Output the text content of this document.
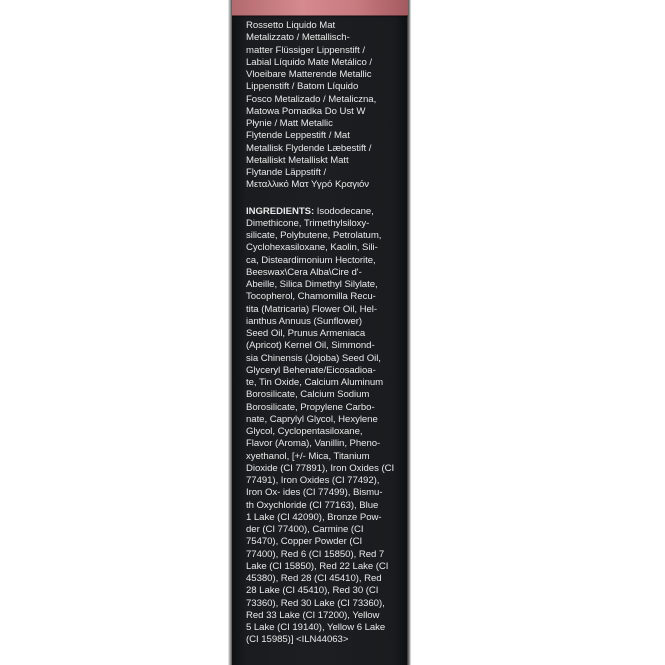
Rossetto Liquido Mat
Metalizzato / Mettallisch-
matter Flüssiger Lippenstift /
Labial Líquido Mate Metálico /
Vloeibare Matterende Metallic
Lippenstift / Batom Líquido
Fosco Metalizado / Metaliczna,
Matowa Pomadka Do Ust W
Płynie / Matt Metallic
Flytende Leppestift / Mat
Metallisk Flydende Læbestift /
Metalliskt Metalliskt Matt
Flytande Läppstift /
Μεταλλικό Ματ Υγρό Κραγιόν
INGREDIENTS: Isododecane,
Dimethicone, Trimethylsiloxy-
silicate, Polybutene, Petrolatum,
Cyclohexasiloxane, Kaolin, Sili-
ca, Disteardimonium Hectorite,
Beeswax\Cera Alba\Cire d'-
Abeille, Silica Dimethyl Silylate,
Tocopherol, Chamomilla Recu-
tita (Matricaria) Flower Oil, Hel-
ianthus Annuus (Sunflower)
Seed Oil, Prunus Armeniaca
(Apricot) Kernel Oil, Simmond-
sia Chinensis (Jojoba) Seed Oil,
Glyceryl Behenate/Eicosadioa-
te, Tin Oxide, Calcium Aluminum
Borosilicate, Calcium Sodium
Borosilicate, Propylene Carbo-
nate, Caprylyl Glycol, Hexylene
Glycol, Cyclopentasiloxane,
Flavor (Aroma), Vanillin, Pheno-
xyethanol, [+/- Mica, Titanium
Dioxide (CI 77891), Iron Oxides (CI
77491), Iron Oxides (CI 77492),
Iron Ox- ides (CI 77499), Bismu-
th Oxychloride (CI 77163), Blue
1 Lake (CI 42090), Bronze Pow-
der (CI 77400), Carmine (CI
75470), Copper Powder (CI
77400), Red 6 (CI 15850), Red 7
Lake (CI 15850), Red 22 Lake (CI
45380), Red 28 (CI 45410), Red
28 Lake (CI 45410), Red 30 (CI
73360), Red 30 Lake (CI 73360),
Red 33 Lake (CI 17200), Yellow
5 Lake (CI 19140), Yellow 6 Lake
(CI 15985)] <ILN44063>
